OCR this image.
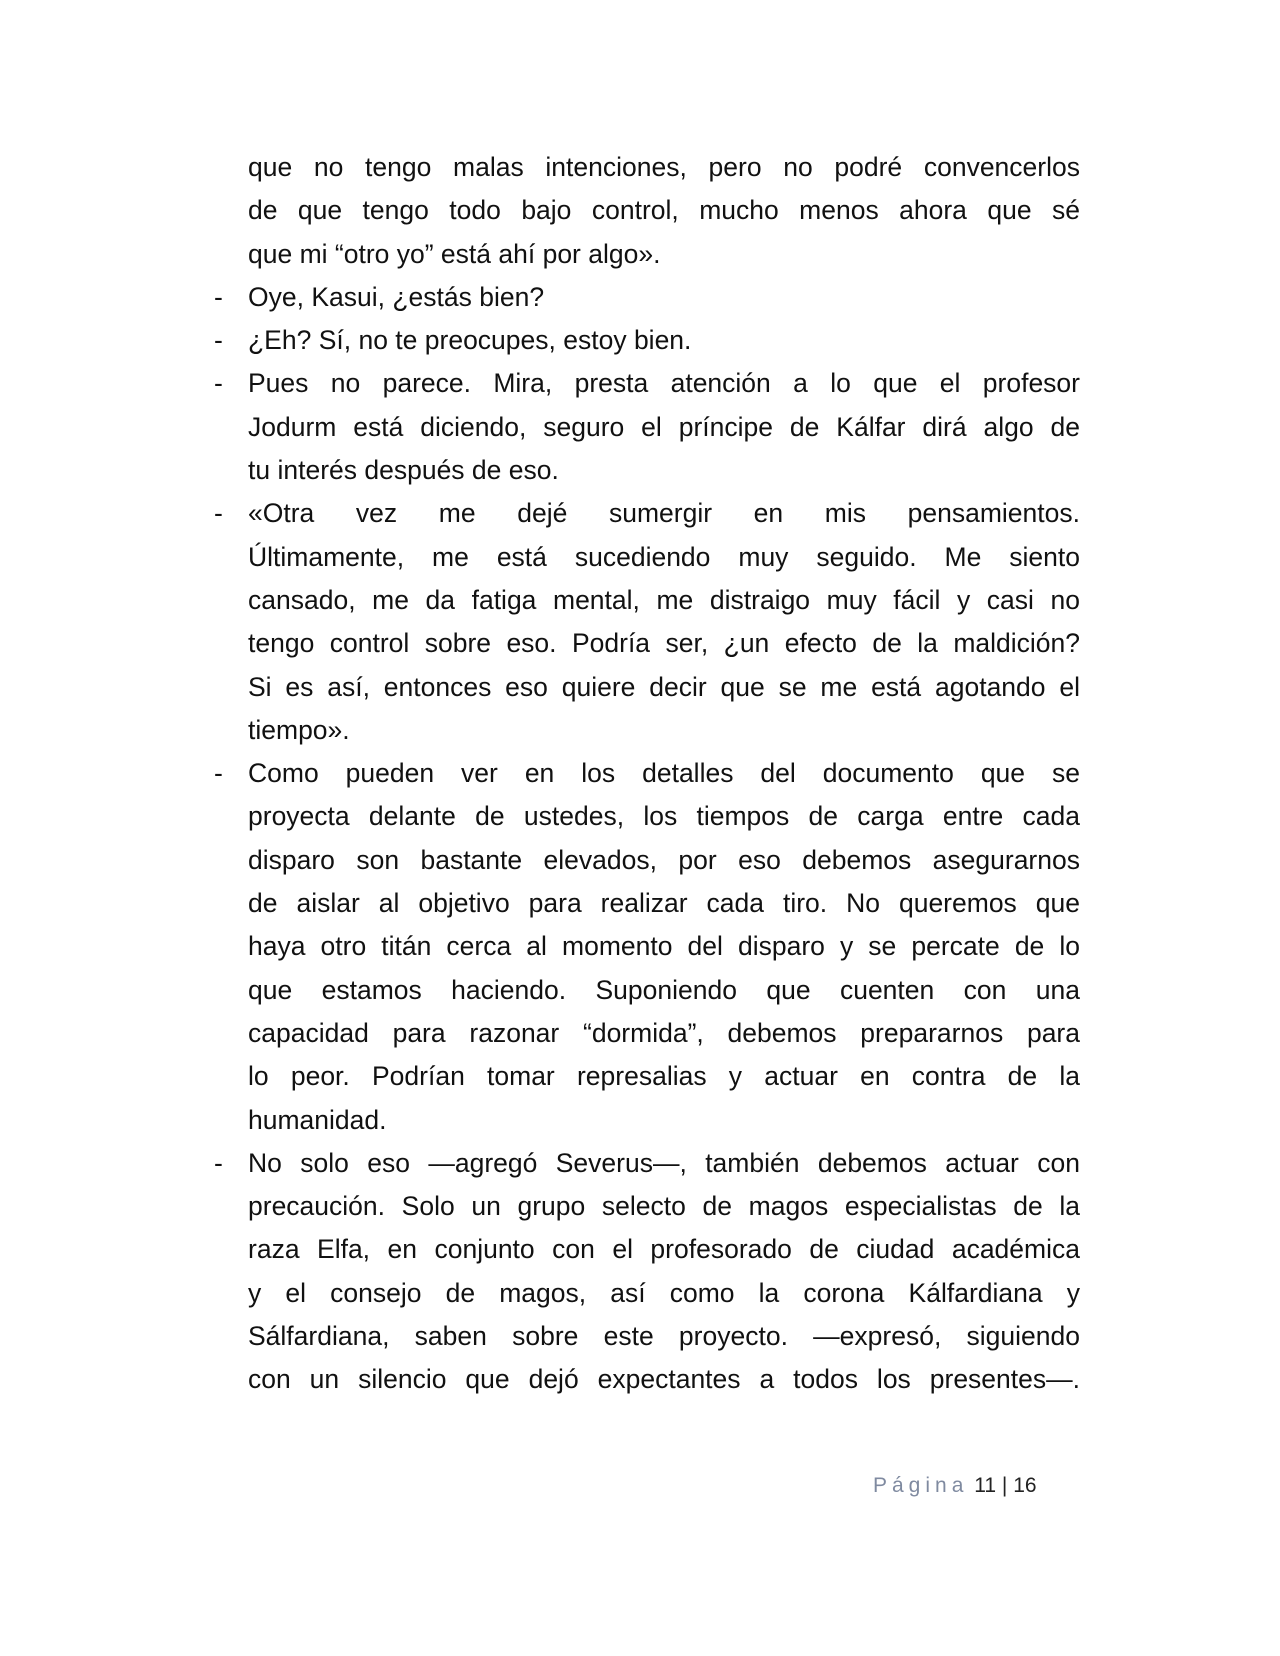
que no tengo malas intenciones, pero no podré convencerlos
de que tengo todo bajo control, mucho menos ahora que sé
que mi “otro yo” está ahí por algo».
- Oye, Kasui, ¿estás bien?
- ¿Eh? Sí, no te preocupes, estoy bien.
- Pues no parece. Mira, presta atención a lo que el profesor
Jodurm está diciendo, seguro el príncipe de Kálfar dirá algo de
tu interés después de eso.
- «Otra vez me dejé sumergir en mis pensamientos.
Últimamente, me está sucediendo muy seguido. Me siento
cansado, me da fatiga mental, me distraigo muy fácil y casi no
tengo control sobre eso. Podría ser, ¿un efecto de la maldición?
Si es así, entonces eso quiere decir que se me está agotando el
tiempo».
- Como pueden ver en los detalles del documento que se
proyecta delante de ustedes, los tiempos de carga entre cada
disparo son bastante elevados, por eso debemos asegurarnos
de aislar al objetivo para realizar cada tiro. No queremos que
haya otro titán cerca al momento del disparo y se percate de lo
que estamos haciendo. Suponiendo que cuenten con una
capacidad para razonar “dormida”, debemos prepararnos para
lo peor. Podrían tomar represalias y actuar en contra de la
humanidad.
- No solo eso —agregó Severus—, también debemos actuar con
precaución. Solo un grupo selecto de magos especialistas de la
raza Elfa, en conjunto con el profesorado de ciudad académica
y el consejo de magos, así como la corona Kálfardiana y
Sálfardiana, saben sobre este proyecto. —expresó, siguiendo
con un silencio que dejó expectantes a todos los presentes—.
Página 11 | 16
